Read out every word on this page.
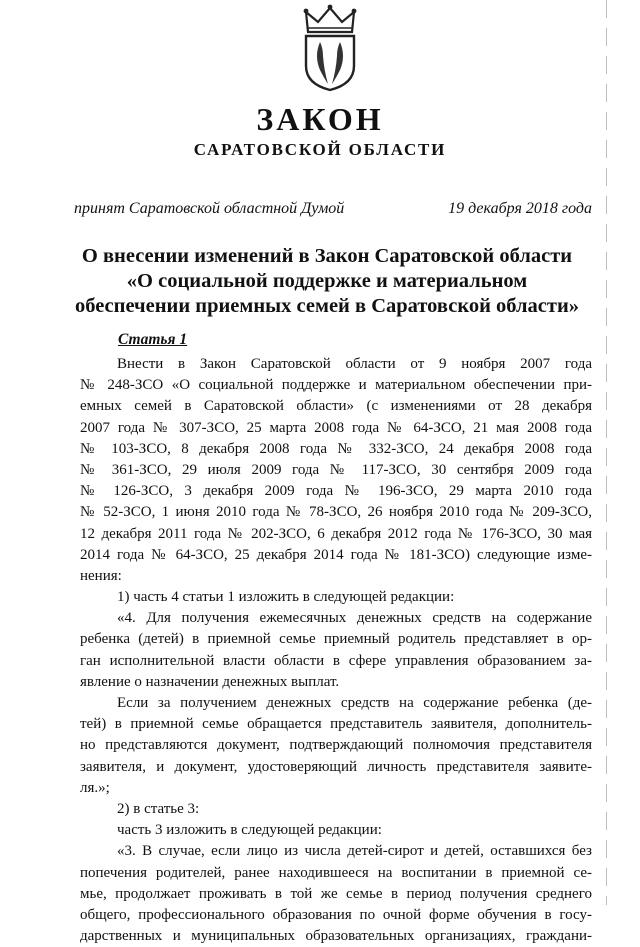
ЗАКОН
САРАТОВСКОЙ ОБЛАСТИ
принят Саратовской областной Думой	19 декабря 2018 года
О внесении изменений в Закон Саратовской области
«О социальной поддержке и материальном
обеспечении приемных семей в Саратовской области»
Статья 1
Внести в Закон Саратовской области от 9 ноября 2007 года
№ 248-ЗСО «О социальной поддержке и материальном обеспечении при-
емных семей в Саратовской области» (с изменениями от 28 декабря
2007 года № 307-ЗСО, 25 марта 2008 года № 64-ЗСО, 21 мая 2008 года
№ 103-ЗСО, 8 декабря 2008 года № 332-ЗСО, 24 декабря 2008 года
№ 361-ЗСО, 29 июля 2009 года № 117-ЗСО, 30 сентября 2009 года
№ 126-ЗСО, 3 декабря 2009 года № 196-ЗСО, 29 марта 2010 года
№ 52-ЗСО, 1 июня 2010 года № 78-ЗСО, 26 ноября 2010 года № 209-ЗСО,
12 декабря 2011 года № 202-ЗСО, 6 декабря 2012 года № 176-ЗСО, 30 мая
2014 года № 64-ЗСО, 25 декабря 2014 года № 181-ЗСО) следующие изме-
нения:
1) часть 4 статьи 1 изложить в следующей редакции:
«4. Для получения ежемесячных денежных средств на содержание
ребенка (детей) в приемной семье приемный родитель представляет в ор-
ган исполнительной власти области в сфере управления образованием за-
явление о назначении денежных выплат.
Если за получением денежных средств на содержание ребенка (де-
тей) в приемной семье обращается представитель заявителя, дополнитель-
но представляются документ, подтверждающий полномочия представителя
заявителя, и документ, удостоверяющий личность представителя заявите-
ля.»;
2) в статье 3:
часть 3 изложить в следующей редакции:
«3. В случае, если лицо из числа детей-сирот и детей, оставшихся без
попечения родителей, ранее находившееся на воспитании в приемной се-
мье, продолжает проживать в той же семье в период получения среднего
общего, профессионального образования по очной форме обучения в госу-
дарственных и муниципальных образовательных организациях, граждани-
